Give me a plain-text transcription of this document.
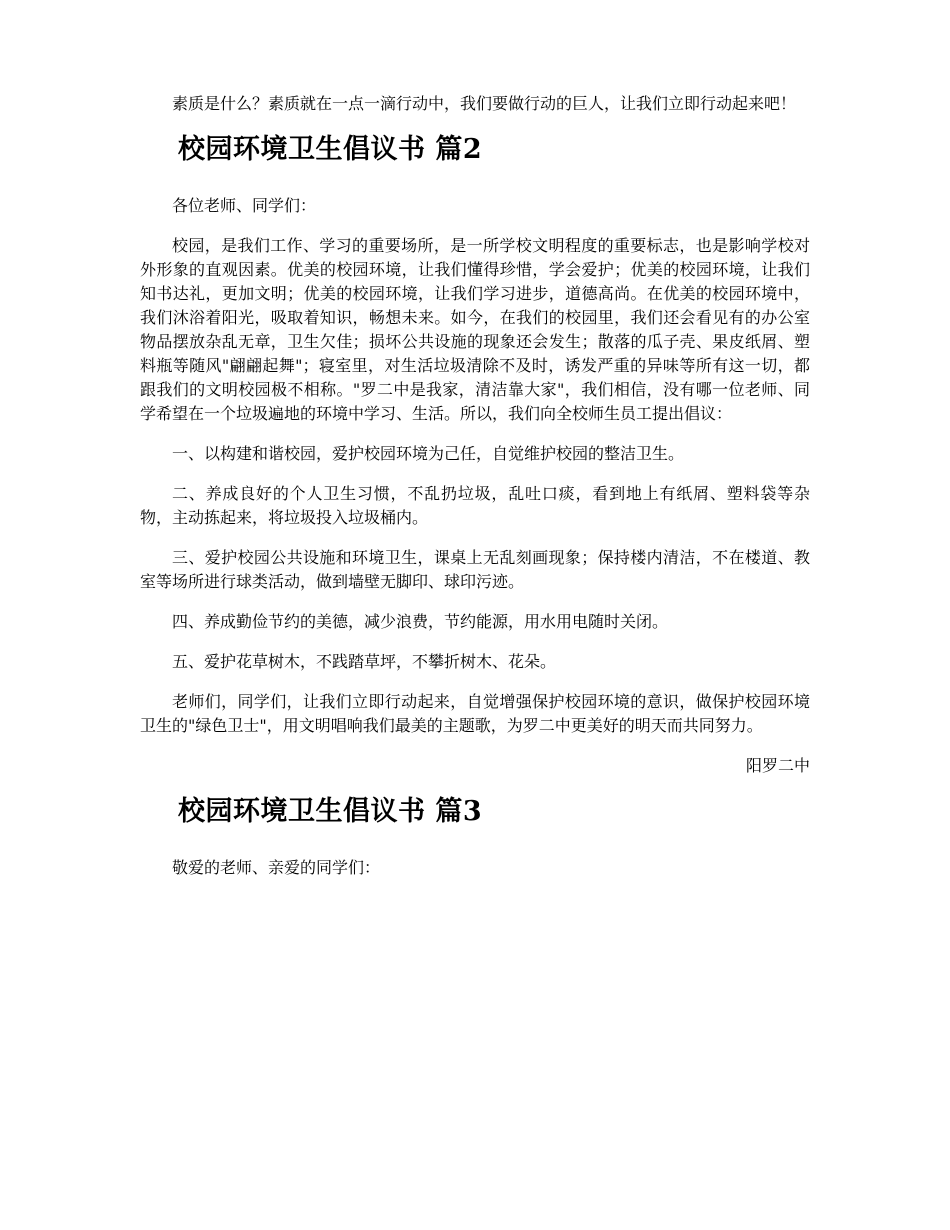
素质是什么？素质就在一点一滴行动中，我们要做行动的巨人，让我们立即行动起来吧！

校园环境卫生倡议书 篇2

各位老师、同学们：

校园，是我们工作、学习的重要场所，是一所学校文明程度的重要标志，也是影响学校对外形象的直观因素。优美的校园环境，让我们懂得珍惜，学会爱护；优美的校园环境，让我们知书达礼，更加文明；优美的校园环境，让我们学习进步，道德高尚。在优美的校园环境中，我们沐浴着阳光，吸取着知识，畅想未来。如今，在我们的校园里，我们还会看见有的办公室物品摆放杂乱无章，卫生欠佳；损坏公共设施的现象还会发生；散落的瓜子壳、果皮纸屑、塑料瓶等随风"翩翩起舞"；寝室里，对生活垃圾清除不及时，诱发严重的异味等所有这一切，都跟我们的文明校园极不相称。"罗二中是我家，清洁靠大家"，我们相信，没有哪一位老师、同学希望在一个垃圾遍地的环境中学习、生活。所以，我们向全校师生员工提出倡议：

一、以构建和谐校园，爱护校园环境为己任，自觉维护校园的整洁卫生。

二、养成良好的个人卫生习惯，不乱扔垃圾，乱吐口痰，看到地上有纸屑、塑料袋等杂物，主动拣起来，将垃圾投入垃圾桶内。

三、爱护校园公共设施和环境卫生，课桌上无乱刻画现象；保持楼内清洁，不在楼道、教室等场所进行球类活动，做到墙壁无脚印、球印污迹。

四、养成勤俭节约的美德，减少浪费，节约能源，用水用电随时关闭。

五、爱护花草树木，不践踏草坪，不攀折树木、花朵。

老师们，同学们，让我们立即行动起来，自觉增强保护校园环境的意识，做保护校园环境卫生的"绿色卫士"，用文明唱响我们最美的主题歌，为罗二中更美好的明天而共同努力。

阳罗二中

校园环境卫生倡议书 篇3

敬爱的老师、亲爱的同学们：
